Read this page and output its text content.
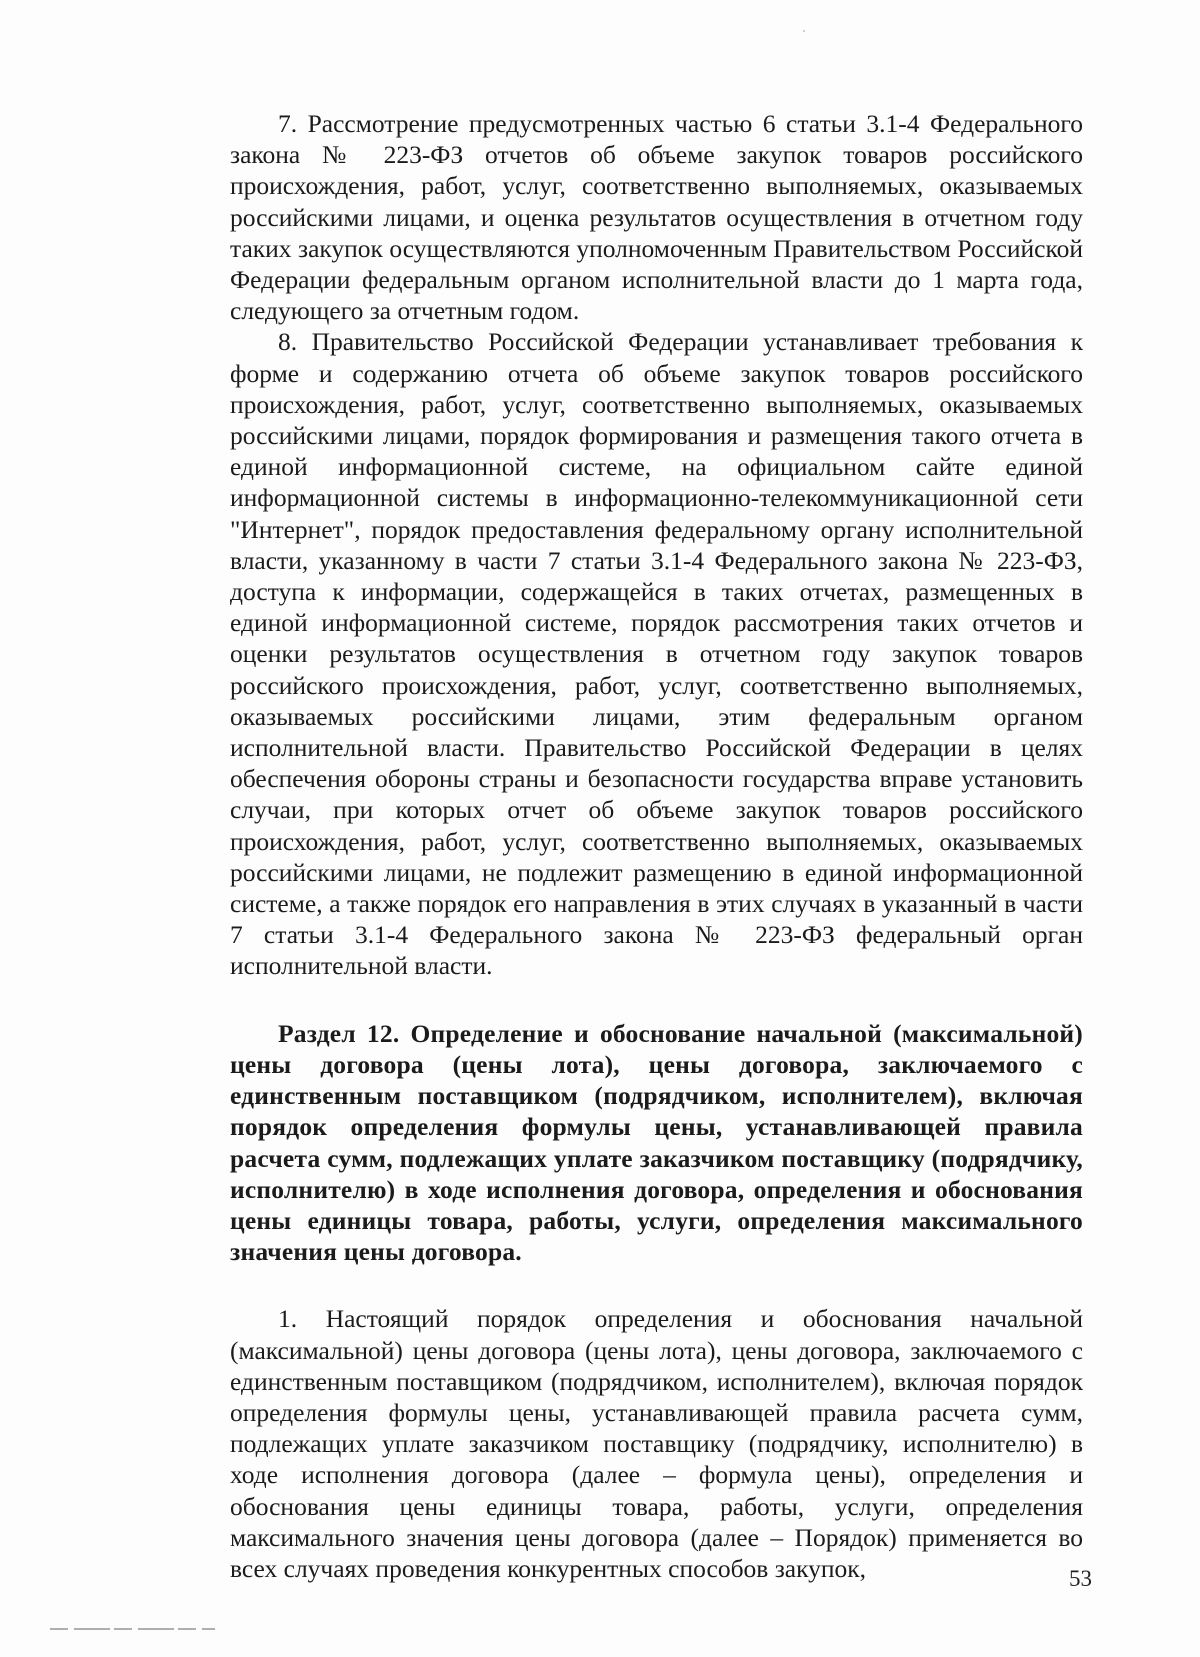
7. Рассмотрение предусмотренных частью 6 статьи 3.1-4 Федерального закона № 223-ФЗ отчетов об объеме закупок товаров российского происхождения, работ, услуг, соответственно выполняемых, оказываемых российскими лицами, и оценка результатов осуществления в отчетном году таких закупок осуществляются уполномоченным Правительством Российской Федерации федеральным органом исполнительной власти до 1 марта года, следующего за отчетным годом.

8. Правительство Российской Федерации устанавливает требования к форме и содержанию отчета об объеме закупок товаров российского происхождения, работ, услуг, соответственно выполняемых, оказываемых российскими лицами, порядок формирования и размещения такого отчета в единой информационной системе, на официальном сайте единой информационной системы в информационно-телекоммуникационной сети "Интернет", порядок предоставления федеральному органу исполнительной власти, указанному в части 7 статьи 3.1-4 Федерального закона № 223-ФЗ, доступа к информации, содержащейся в таких отчетах, размещенных в единой информационной системе, порядок рассмотрения таких отчетов и оценки результатов осуществления в отчетном году закупок товаров российского происхождения, работ, услуг, соответственно выполняемых, оказываемых российскими лицами, этим федеральным органом исполнительной власти. Правительство Российской Федерации в целях обеспечения обороны страны и безопасности государства вправе установить случаи, при которых отчет об объеме закупок товаров российского происхождения, работ, услуг, соответственно выполняемых, оказываемых российскими лицами, не подлежит размещению в единой информационной системе, а также порядок его направления в этих случаях в указанный в части 7 статьи 3.1-4 Федерального закона № 223-ФЗ федеральный орган исполнительной власти.

Раздел 12. Определение и обоснование начальной (максимальной) цены договора (цены лота), цены договора, заключаемого с единственным поставщиком (подрядчиком, исполнителем), включая порядок определения формулы цены, устанавливающей правила расчета сумм, подлежащих уплате заказчиком поставщику (подрядчику, исполнителю) в ходе исполнения договора, определения и обоснования цены единицы товара, работы, услуги, определения максимального значения цены договора.

1. Настоящий порядок определения и обоснования начальной (максимальной) цены договора (цены лота), цены договора, заключаемого с единственным поставщиком (подрядчиком, исполнителем), включая порядок определения формулы цены, устанавливающей правила расчета сумм, подлежащих уплате заказчиком поставщику (подрядчику, исполнителю) в ходе исполнения договора (далее – формула цены), определения и обоснования цены единицы товара, работы, услуги, определения максимального значения цены договора (далее – Порядок) применяется во всех случаях проведения конкурентных способов закупок,	53
